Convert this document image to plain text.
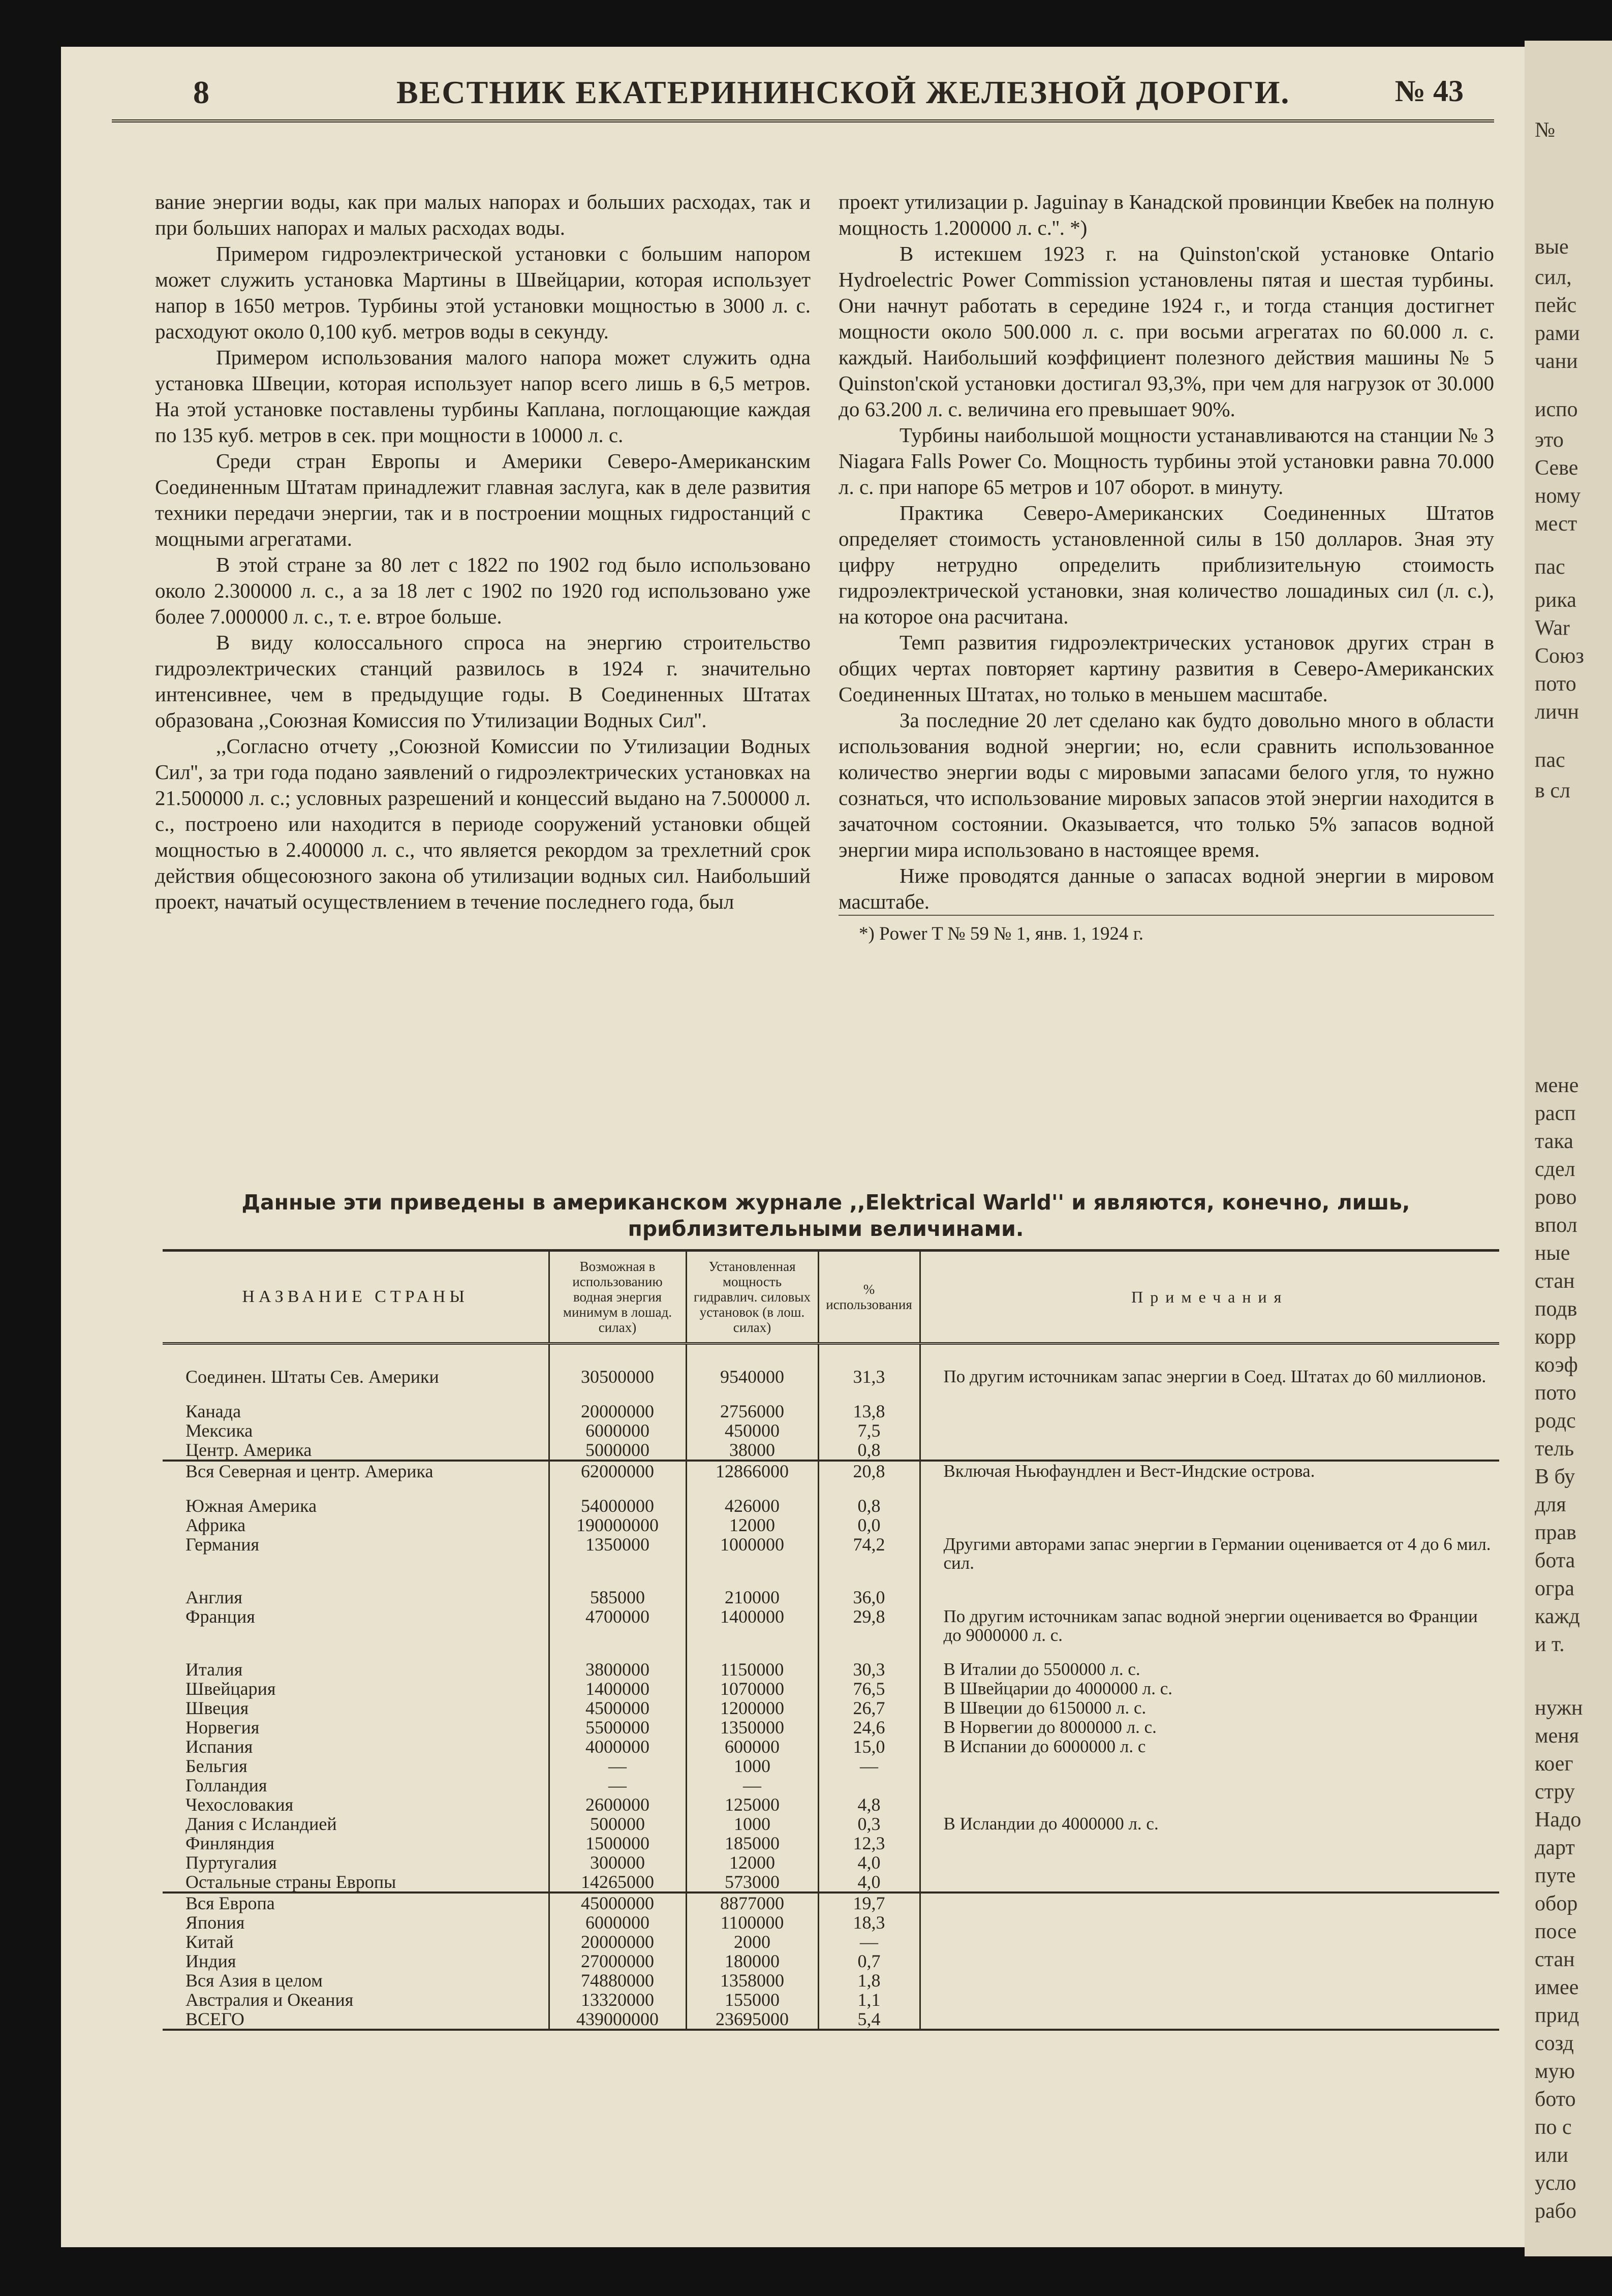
8	ВЕСТНИК ЕКАТЕРИНИНСКОЙ ЖЕЛЕЗНОЙ ДОРОГИ.	№ 43

вание энергии воды, как при малых напорах и больших расходах, так и при больших напорах и малых расходах воды.

Примером гидроэлектрической установки с большим напором может служить установка Мартины в Швейцарии, которая использует напор в 1650 метров. Турбины этой установки мощностью в 3000 л. с. расходуют около 0,100 куб. метров воды в секунду.

Примером использования малого напора может служить одна установка Швеции, которая использует напор всего лишь в 6,5 метров. На этой установке поставлены турбины Каплана, поглощающие каждая по 135 куб. метров в сек. при мощности в 10000 л. с.

Среди стран Европы и Америки Северо-Американским Соединенным Штатам принадлежит главная заслуга, как в деле развития техники передачи энергии, так и в построении мощных гидростанций с мощными агрегатами.

В этой стране за 80 лет с 1822 по 1902 год было использовано около 2.300000 л. с., а за 18 лет с 1902 по 1920 год использовано уже более 7.000000 л. с., т. е. втрое больше.

В виду колоссального спроса на энергию строительство гидроэлектрических станций развилось в 1924 г. значительно интенсивнее, чем в предыдущие годы. В Соединенных Штатах образована ,,Союзная Комиссия по Утилизации Водных Сил''.

,,Согласно отчету ,,Союзной Комиссии по Утилизации Водных Сил'', за три года подано заявлений о гидроэлектрических установках на 21.500000 л. с.; условных разрешений и концессий выдано на 7.500000 л. с., построено или находится в периоде сооружений установки общей мощностью в 2.400000 л. с., что является рекордом за трехлетний срок действия общесоюзного закона об утилизации водных сил. Наибольший проект, начатый осуществлением в течение последнего года, был

проект утилизации р. Jaguinay в Канадской провинции Квебек на полную мощность 1.200000 л. с.''. *)

В истекшем 1923 г. на Quinston'ской установке Ontario Hydroelectric Power Commission установлены пятая и шестая турбины. Они начнут работать в середине 1924 г., и тогда станция достигнет мощности около 500.000 л. с. при восьми агрегатах по 60.000 л. с. каждый. Наибольший коэффициент полезного действия машины № 5 Quinston'ской установки достигал 93,3%, при чем для нагрузок от 30.000 до 63.200 л. с. величина его превышает 90%.

Турбины наибольшой мощности устанавливаются на станции № 3 Niagara Falls Power Co. Мощность турбины этой установки равна 70.000 л. с. при напоре 65 метров и 107 оборот. в минуту.

Практика Северо-Американских Соединенных Штатов определяет стоимость установленной силы в 150 долларов. Зная эту цифру нетрудно определить приблизительную стоимость гидроэлектрической установки, зная количество лошадиных сил (л. с.), на которое она расчитана.

Темп развития гидроэлектрических установок других стран в общих чертах повторяет картину развития в Северо-Американских Соединенных Штатах, но только в меньшем масштабе.

За последние 20 лет сделано как будто довольно много в области использования водной энергии; но, если сравнить использованное количество энергии воды с мировыми запасами белого угля, то нужно сознаться, что использование мировых запасов этой энергии находится в зачаточном состоянии. Оказывается, что только 5% запасов водной энергии мира использовано в настоящее время.

Ниже проводятся данные о запасах водной энергии в мировом масштабе.

*) Power T № 59 № 1, янв. 1, 1924 г.

Данные эти приведены в американском журнале ,,Elektrical Warld'' и являются, конечно, лишь, приблизительными величинами.
НАЗВАНИЕ СТРАНЫ	Возможная в использованию водная энергия минимум в лошад. силах)	Установленная мощность гидравлич. силовых установок (в лош. силах)	% использования	Примечания
Соединен. Штаты Сев. Америки	30500000	9540000	31,3	По другим источникам запас энергии в Соед. Штатах до 60 миллионов.
Канада	20000000	2756000	13,8	
Мексика	6000000	450000	7,5	
Центр. Америка	5000000	38000	0,8	
Вся Северная и центр. Америка	62000000	12866000	20,8	Включая Ньюфаундлен и Вест-Индские острова.
Южная Америка	54000000	426000	0,8	
Африка	190000000	12000	0,0	
Германия	1350000	1000000	74,2	Другими авторами запас энергии в Германии оценивается от 4 до 6 мил. сил.
Англия	585000	210000	36,0	
Франция	4700000	1400000	29,8	По другим источникам запас водной энергии оценивается во Франции до 9000000 л. с.
Италия	3800000	1150000	30,3	В Италии до 5500000 л. с.
Швейцария	1400000	1070000	76,5	В Швейцарии до 4000000 л. с.
Швеция	4500000	1200000	26,7	В Швеции до 6150000 л. с.
Норвегия	5500000	1350000	24,6	В Норвегии до 8000000 л. с.
Испания	4000000	600000	15,0	В Испании до 6000000 л. с
Бельгия	—	1000	—	
Голландия	—	—		
Чехословакия	2600000	125000	4,8	
Дания с Исландией	500000	1000	0,3	В Исландии до 4000000 л. с.
Финляндия	1500000	185000	12,3	
Пуртугалия	300000	12000	4,0	
Остальные страны Европы	14265000	573000	4,0	
Вся Европа	45000000	8877000	19,7	
Япония	6000000	1100000	18,3	
Китай	20000000	2000	—	
Индия	27000000	180000	0,7	
Вся Азия в целом	74880000	1358000	1,8	
Австралия и Океания	13320000	155000	1,1	
ВСЕГО	439000000	23695000	5,4	
№
вые
сил,
пейс
рами
чани
испо
это
Севе
ному
мест
пас
рика
War
Союз
пото
личн
пас
в сл
мене
расп
така
сдел
рово
впол
ные
стан
подв
корр
коэф
пото
родс
тель
В бу
для
прав
бота
огра
кажд
и т.
нужн
меня
коег
стру
Надо
дарт
путе
обор
посе
стан
имее
прид
созд
мую
бото
по с
или
усло
рабо
